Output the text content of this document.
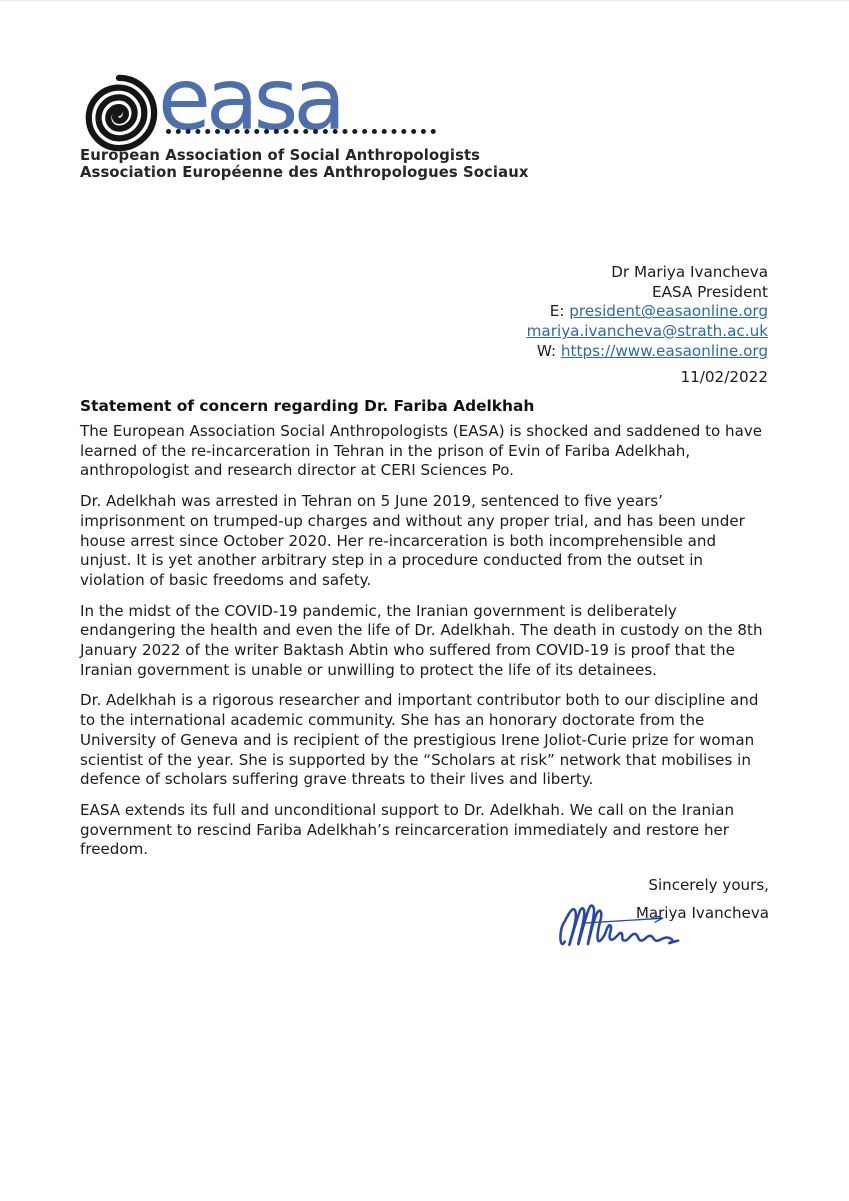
easa
European Association of Social Anthropologists
Association Européenne des Anthropologues Sociaux
Dr Mariya Ivancheva
EASA President
E: president@easaonline.org
mariya.ivancheva@strath.ac.uk
W: https://www.easaonline.org
11/02/2022
Statement of concern regarding Dr. Fariba Adelkhah

The European Association Social Anthropologists (EASA) is shocked and saddened to have learned of the re-incarceration in Tehran in the prison of Evin of Fariba Adelkhah, anthropologist and research director at CERI Sciences Po.

Dr. Adelkhah was arrested in Tehran on 5 June 2019, sentenced to five years’ imprisonment on trumped-up charges and without any proper trial, and has been under house arrest since October 2020. Her re-incarceration is both incomprehensible and unjust. It is yet another arbitrary step in a procedure conducted from the outset in violation of basic freedoms and safety.

In the midst of the COVID-19 pandemic, the Iranian government is deliberately endangering the health and even the life of Dr. Adelkhah. The death in custody on the 8th January 2022 of the writer Baktash Abtin who suffered from COVID-19 is proof that the Iranian government is unable or unwilling to protect the life of its detainees.

Dr. Adelkhah is a rigorous researcher and important contributor both to our discipline and to the international academic community. She has an honorary doctorate from the University of Geneva and is recipient of the prestigious Irene Joliot-Curie prize for woman scientist of the year. She is supported by the “Scholars at risk” network that mobilises in defence of scholars suffering grave threats to their lives and liberty.

EASA extends its full and unconditional support to Dr. Adelkhah. We call on the Iranian government to rescind Fariba Adelkhah’s reincarceration immediately and restore her freedom.

Sincerely yours,
Mariya Ivancheva
